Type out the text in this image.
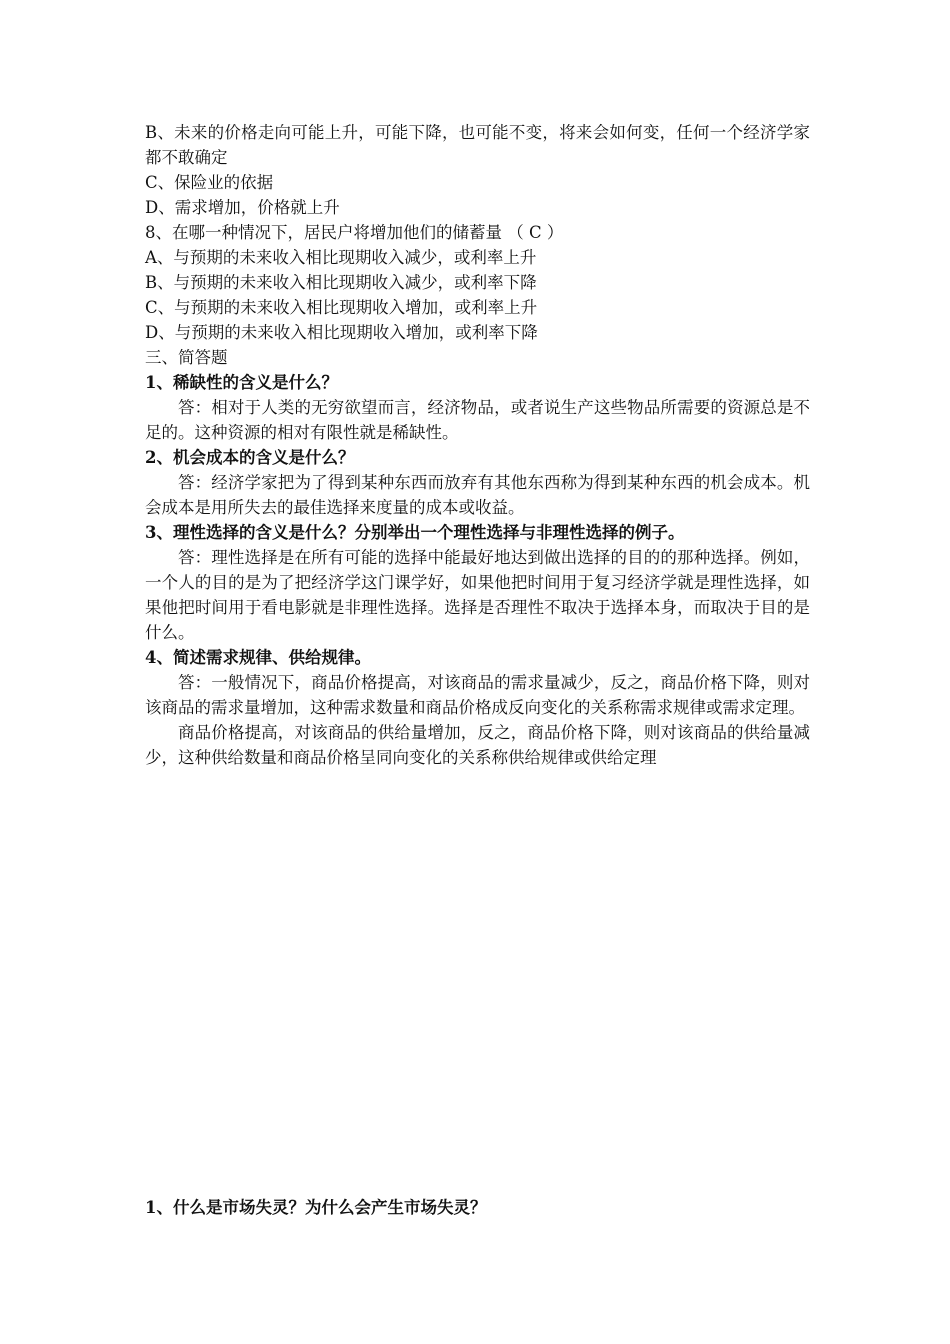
B、未来的价格走向可能上升，可能下降，也可能不变，将来会如何变，任何一个经济学家都不敢确定
C、保险业的依据
D、需求增加，价格就上升
8、在哪一种情况下，居民户将增加他们的储蓄量 （ C ）
A、与预期的未来收入相比现期收入减少，或利率上升
B、与预期的未来收入相比现期收入减少，或利率下降
C、与预期的未来收入相比现期收入增加，或利率上升
D、与预期的未来收入相比现期收入增加，或利率下降
三、简答题
1、稀缺性的含义是什么？
答：相对于人类的无穷欲望而言，经济物品，或者说生产这些物品所需要的资源总是不足的。这种资源的相对有限性就是稀缺性。
2、机会成本的含义是什么？
答：经济学家把为了得到某种东西而放弃有其他东西称为得到某种东西的机会成本。机会成本是用所失去的最佳选择来度量的成本或收益。
3、理性选择的含义是什么？分别举出一个理性选择与非理性选择的例子。
答：理性选择是在所有可能的选择中能最好地达到做出选择的目的的那种选择。例如，一个人的目的是为了把经济学这门课学好，如果他把时间用于复习经济学就是理性选择，如果他把时间用于看电影就是非理性选择。选择是否理性不取决于选择本身，而取决于目的是什么。
4、简述需求规律、供给规律。
答：一般情况下，商品价格提高，对该商品的需求量减少，反之，商品价格下降，则对该商品的需求量增加，这种需求数量和商品价格成反向变化的关系称需求规律或需求定理。
商品价格提高，对该商品的供给量增加，反之，商品价格下降，则对该商品的供给量减少，这种供给数量和商品价格呈同向变化的关系称供给规律或供给定理
1、什么是市场失灵？为什么会产生市场失灵？
